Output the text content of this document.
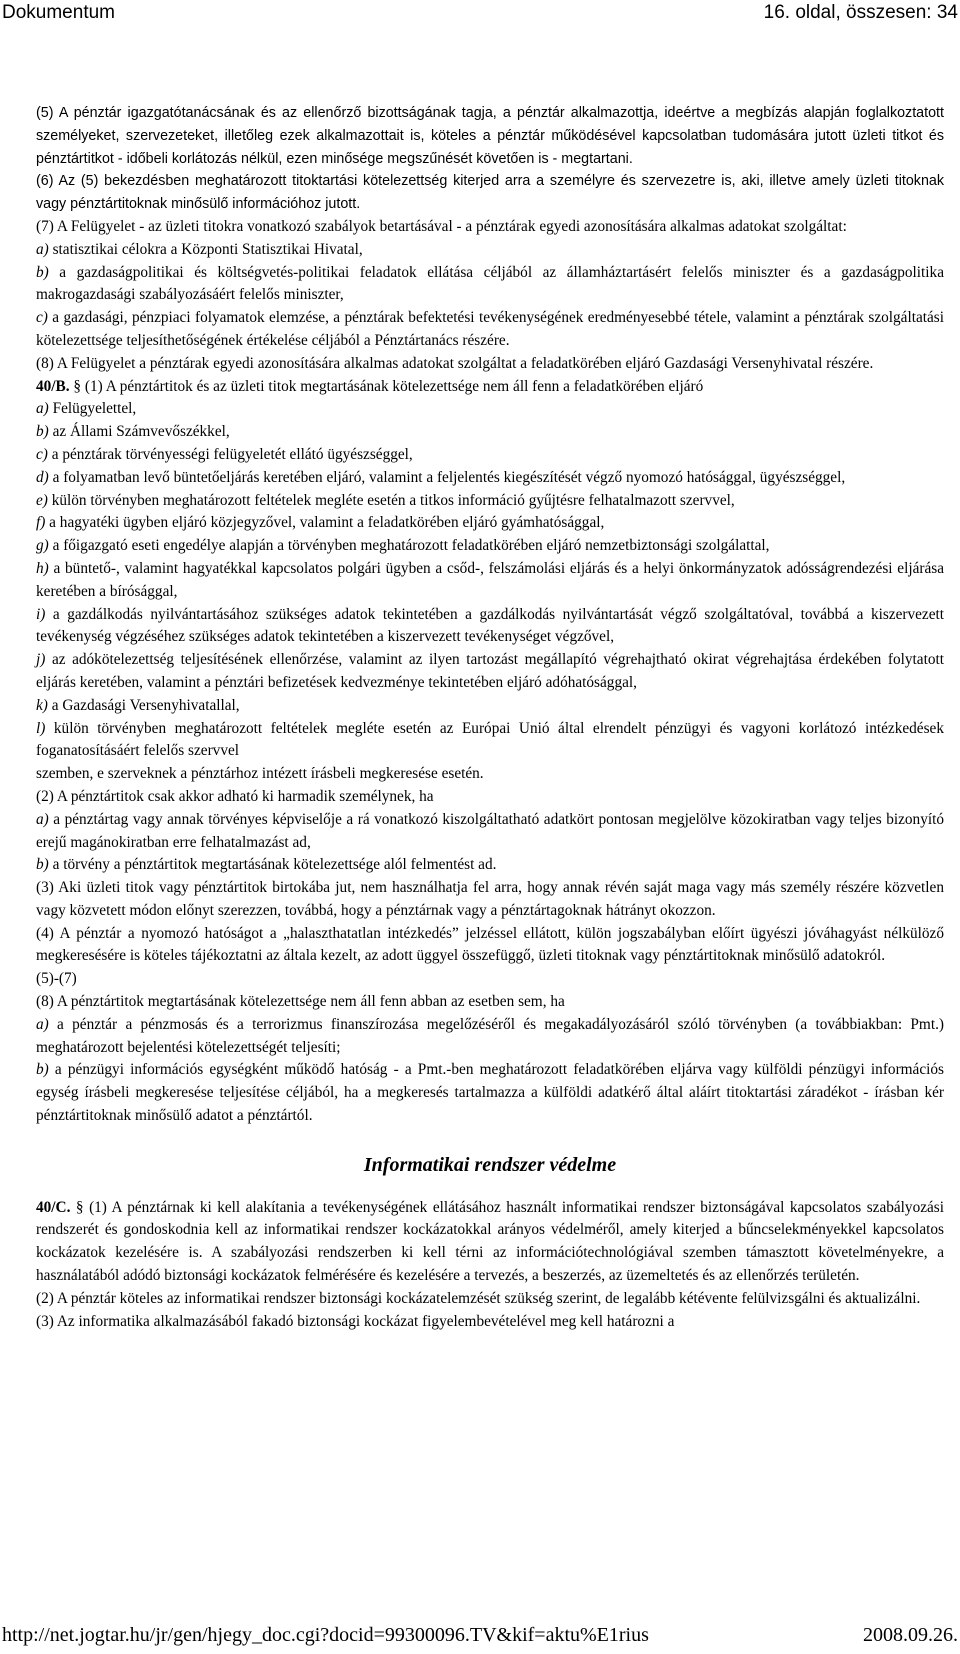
Dokumentum	16. oldal, összesen: 34
(5) A pénztár igazgatótanácsának és az ellenőrző bizottságának tagja, a pénztár alkalmazottja, ideértve a megbízás alapján foglalkoztatott személyeket, szervezeteket, illetőleg ezek alkalmazottait is, köteles a pénztár működésével kapcsolatban tudomására jutott üzleti titkot és pénztártitkot - időbeli korlátozás nélkül, ezen minősége megszűnését követően is - megtartani.
(6) Az (5) bekezdésben meghatározott titoktartási kötelezettség kiterjed arra a személyre és szervezetre is, aki, illetve amely üzleti titoknak vagy pénztártitoknak minősülő információhoz jutott.
(7) A Felügyelet - az üzleti titokra vonatkozó szabályok betartásával - a pénztárak egyedi azonosítására alkalmas adatokat szolgáltat:
a) statisztikai célokra a Központi Statisztikai Hivatal,
b) a gazdaságpolitikai és költségvetés-politikai feladatok ellátása céljából az államháztartásért felelős miniszter és a gazdaságpolitika makrogazdasági szabályozásáért felelős miniszter,
c) a gazdasági, pénzpiaci folyamatok elemzése, a pénztárak befektetési tevékenységének eredményesebbé tétele, valamint a pénztárak szolgáltatási kötelezettsége teljesíthetőségének értékelése céljából a Pénztártanács részére.
(8) A Felügyelet a pénztárak egyedi azonosítására alkalmas adatokat szolgáltat a feladatkörében eljáró Gazdasági Versenyhivatal részére.
40/B. § (1) A pénztártitok és az üzleti titok megtartásának kötelezettsége nem áll fenn a feladatkörében eljáró
a) Felügyelettel,
b) az Állami Számvevőszékkel,
c) a pénztárak törvényességi felügyeletét ellátó ügyészséggel,
d) a folyamatban levő büntetőeljárás keretében eljáró, valamint a feljelentés kiegészítését végző nyomozó hatósággal, ügyészséggel,
e) külön törvényben meghatározott feltételek megléte esetén a titkos információ gyűjtésre felhatalmazott szervvel,
f) a hagyatéki ügyben eljáró közjegyzővel, valamint a feladatkörében eljáró gyámhatósággal,
g) a főigazgató eseti engedélye alapján a törvényben meghatározott feladatkörében eljáró nemzetbiztonsági szolgálattal,
h) a büntető-, valamint hagyatékkal kapcsolatos polgári ügyben a csőd-, felszámolási eljárás és a helyi önkormányzatok adósságrendezési eljárása keretében a bírósággal,
i) a gazdálkodás nyilvántartásához szükséges adatok tekintetében a gazdálkodás nyilvántartását végző szolgáltatóval, továbbá a kiszervezett tevékenység végzéséhez szükséges adatok tekintetében a kiszervezett tevékenységet végzővel,
j) az adókötelezettség teljesítésének ellenőrzése, valamint az ilyen tartozást megállapító végrehajtható okirat végrehajtása érdekében folytatott eljárás keretében, valamint a pénztári befizetések kedvezménye tekintetében eljáró adóhatósággal,
k) a Gazdasági Versenyhivatallal,
l) külön törvényben meghatározott feltételek megléte esetén az Európai Unió által elrendelt pénzügyi és vagyoni korlátozó intézkedések foganatosításáért felelős szervvel
szemben, e szerveknek a pénztárhoz intézett írásbeli megkeresése esetén.
(2) A pénztártitok csak akkor adható ki harmadik személynek, ha
a) a pénztártag vagy annak törvényes képviselője a rá vonatkozó kiszolgáltatható adatkört pontosan megjelölve közokiratban vagy teljes bizonyító erejű magánokiratban erre felhatalmazást ad,
b) a törvény a pénztártitok megtartásának kötelezettsége alól felmentést ad.
(3) Aki üzleti titok vagy pénztártitok birtokába jut, nem használhatja fel arra, hogy annak révén saját maga vagy más személy részére közvetlen vagy közvetett módon előnyt szerezzen, továbbá, hogy a pénztárnak vagy a pénztártagoknak hátrányt okozzon.
(4) A pénztár a nyomozó hatóságot a „halaszthatatlan intézkedés” jelzéssel ellátott, külön jogszabályban előírt ügyészi jóváhagyást nélkülöző megkeresésére is köteles tájékoztatni az általa kezelt, az adott üggyel összefüggő, üzleti titoknak vagy pénztártitoknak minősülő adatokról.
(5)-(7)
(8) A pénztártitok megtartásának kötelezettsége nem áll fenn abban az esetben sem, ha
a) a pénztár a pénzmosás és a terrorizmus finanszírozása megelőzéséről és megakadályozásáról szóló törvényben (a továbbiakban: Pmt.) meghatározott bejelentési kötelezettségét teljesíti;
b) a pénzügyi információs egységként működő hatóság - a Pmt.-ben meghatározott feladatkörében eljárva vagy külföldi pénzügyi információs egység írásbeli megkeresése teljesítése céljából, ha a megkeresés tartalmazza a külföldi adatkérő által aláírt titoktartási záradékot - írásban kér pénztártitoknak minősülő adatot a pénztártól.
Informatikai rendszer védelme
40/C. § (1) A pénztárnak ki kell alakítania a tevékenységének ellátásához használt informatikai rendszer biztonságával kapcsolatos szabályozási rendszerét és gondoskodnia kell az informatikai rendszer kockázatokkal arányos védelméről, amely kiterjed a bűncselekményekkel kapcsolatos kockázatok kezelésére is. A szabályozási rendszerben ki kell térni az információtechnológiával szemben támasztott követelményekre, a használatából adódó biztonsági kockázatok felmérésére és kezelésére a tervezés, a beszerzés, az üzemeltetés és az ellenőrzés területén.
(2) A pénztár köteles az informatikai rendszer biztonsági kockázatelemzését szükség szerint, de legalább kétévente felülvizsgálni és aktualizálni.
(3) Az informatika alkalmazásából fakadó biztonsági kockázat figyelembevételével meg kell határozni a
http://net.jogtar.hu/jr/gen/hjegy_doc.cgi?docid=99300096.TV&kif=aktu%E1rius	2008.09.26.
